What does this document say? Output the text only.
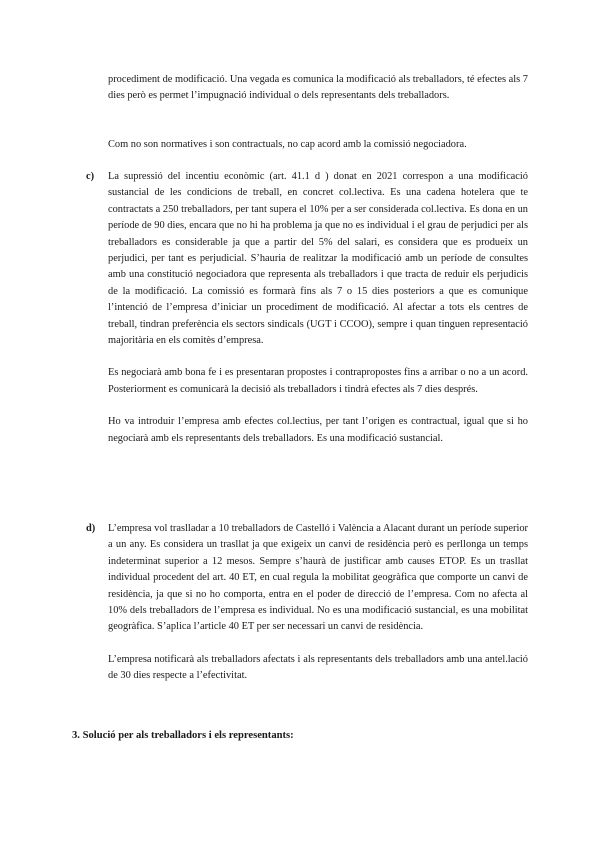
procediment de modificació. Una vegada es comunica la modificació als treballadors, té efectes als 7 dies però es permet l’impugnació individual o dels representants dels treballadors.

Com no son normatives i son contractuals, no cap acord amb la comissió negociadora.

c) La supressió del incentiu econòmic (art. 41.1 d ) donat en 2021 correspon a una modificació sustancial de les condicions de treball, en concret col.lectiva. Es una cadena hotelera que te contractats a 250 treballadors, per tant supera el 10% per a ser considerada col.lectiva. Es dona en un període de 90 dies, encara que no hi ha problema ja que no es individual i el grau de perjudici per als treballadors es considerable ja que a partir del 5% del salari, es considera que es produeix un perjudici, per tant es perjudicial. S’hauria de realitzar la modificació amb un període de consultes amb una constitució negociadora que representa als treballadors i que tracta de reduir els perjudicis de la modificació. La comissió es formarà fins als 7 o 15 dies posteriors a que es comunique l’intenció de l’empresa d’iniciar un procediment de modificació. Al afectar a tots els centres de treball, tindran preferència els sectors sindicals (UGT i CCOO), sempre i quan tinguen representació majoritària en els comitès d’empresa.

Es negociarà amb bona fe i es presentaran propostes i contrapropostes fins a arribar o no a un acord. Posteriorment es comunicarà la decisió als treballadors i tindrà efectes als 7 dies després.

Ho va introduir l’empresa amb efectes col.lectius, per tant l’origen es contractual, igual que si ho negociarà amb els representants dels treballadors. Es una modificació sustancial.

d) L’empresa vol traslladar a 10 treballadors de Castelló i València a Alacant durant un període superior a un any. Es considera un trasllat ja que exigeix un canvi de residència però es perllonga un temps indeterminat superior a 12 mesos. Sempre s’haurà de justificar amb causes ETOP. Es un trasllat individual procedent del art. 40 ET, en cual regula la mobilitat geogràfica que comporte un canvi de residència, ja que si no ho comporta, entra en el poder de direcció de l’empresa. Com no afecta al 10% dels treballadors de l’empresa es individual. No es una modificació sustancial, es una mobilitat geogràfica. S’aplica l’article 40 ET per ser necessari un canvi de residència.

L’empresa notificarà als treballadors afectats i als representants dels treballadors amb una antel.lació de 30 dies respecte a l’efectivitat.

3. Solució per als treballadors i els representants:
